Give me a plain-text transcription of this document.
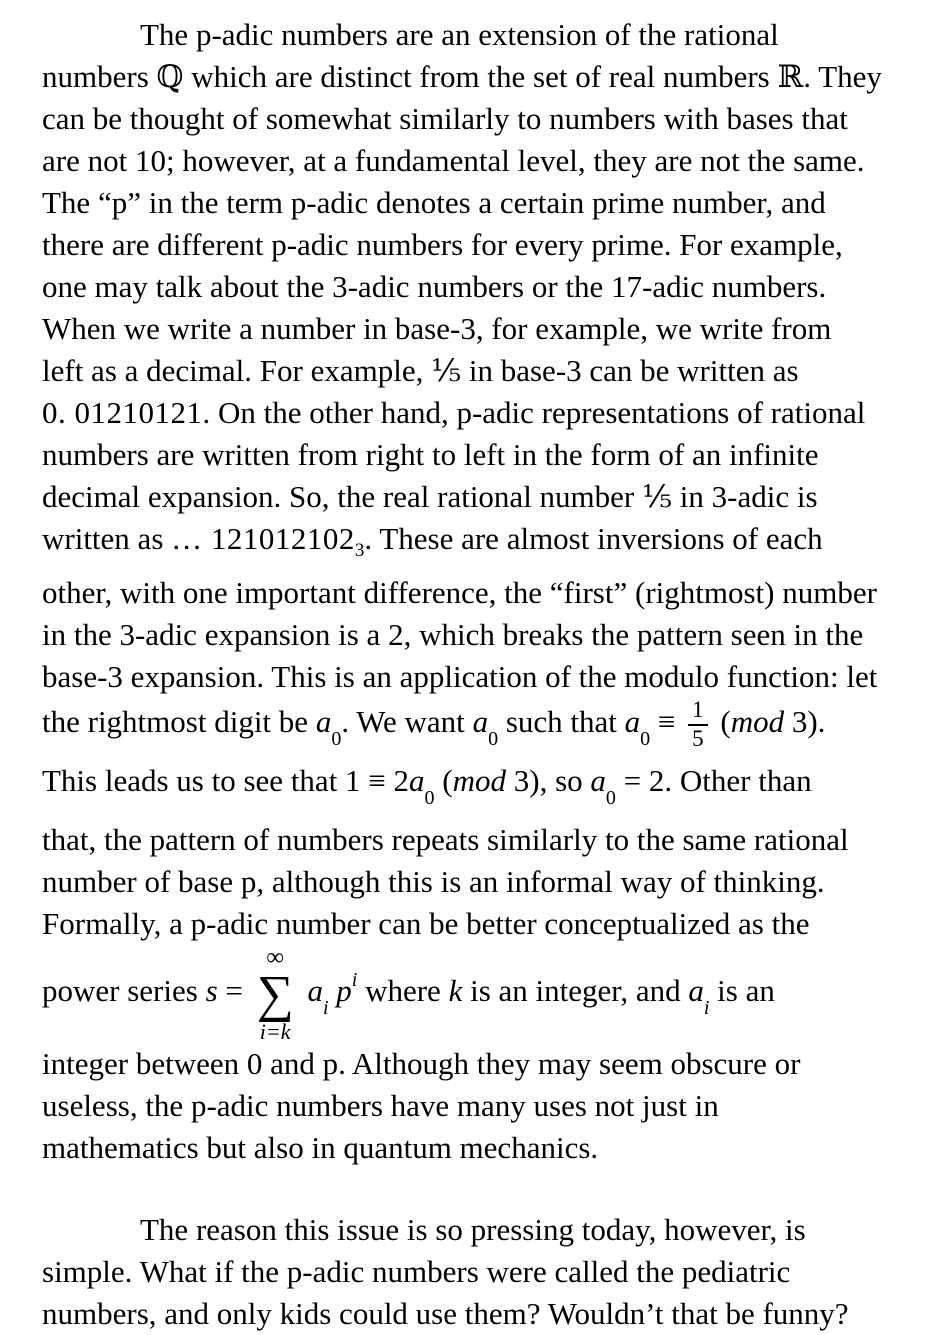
The p-adic numbers are an extension of the rational
numbers ℚ which are distinct from the set of real numbers ℝ. They
can be thought of somewhat similarly to numbers with bases that
are not 10; however, at a fundamental level, they are not the same.
The “p” in the term p-adic denotes a certain prime number, and
there are different p-adic numbers for every prime. For example,
one may talk about the 3-adic numbers or the 17-adic numbers.
When we write a number in base-3, for example, we write from
left as a decimal. For example, ⅕ in base-3 can be written as
0. 01210121. On the other hand, p-adic representations of rational
numbers are written from right to left in the form of an infinite
decimal expansion. So, the real rational number ⅕ in 3-adic is
written as … $121012102_3$. These are almost inversions of each
other, with one important difference, the “first” (rightmost) number
in the 3-adic expansion is a 2, which breaks the pattern seen in the
base-3 expansion. This is an application of the modulo function: let
the rightmost digit be $a_0$. We want $a_0$ such that $a_0 \equiv \frac{1}{5} (mod$ 3).
This leads us to see that $1 \equiv 2a_0$ (mod 3), so $a_0 = 2$. Other than
that, the pattern of numbers repeats similarly to the same rational
number of base p, although this is an informal way of thinking.
Formally, a p-adic number can be better conceptualized as the
power series s =
∞
∑
i=k
$a_i$ $p^i$ where k is an integer, and $a_i$ is an
integer between 0 and p. Although they may seem obscure or
useless, the p-adic numbers have many uses not just in
mathematics but also in quantum mechanics.
The reason this issue is so pressing today, however, is
simple. What if the p-adic numbers were called the pediatric
numbers, and only kids could use them? Wouldn’t that be funny?
